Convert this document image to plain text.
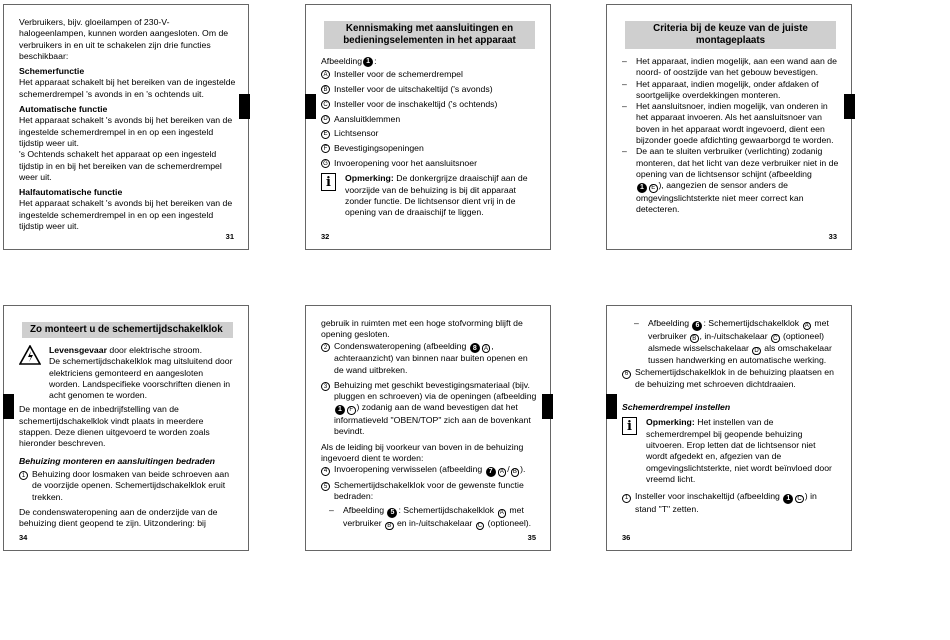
Verbruikers, bijv. gloeilampen of 230-V-halogeenlampen, kunnen worden aangesloten. Om de verbruikers in en uit te schakelen zijn drie functies beschikbaar:

Schemerfunctie

Het apparaat schakelt bij het bereiken van de ingestelde schemerdrempel 's avonds in en 's ochtends uit.

Automatische functie

Het apparaat schakelt 's avonds bij het bereiken van de ingestelde schemerdrempel in en op een ingesteld tijdstip weer uit.

's Ochtends schakelt het apparaat op een ingesteld tijdstip in en bij het bereiken van de schemerdrempel weer uit.

Halfautomatische functie

Het apparaat schakelt 's avonds bij het bereiken van de ingestelde schemerdrempel in en op een ingesteld tijdstip weer uit.

31
Kennismaking met aansluitingen en bedieningselementen in het apparaat
Afbeelding 1 :
A Insteller voor de schemerdrempel
B Insteller voor de uitschakeltijd ('s avonds)
C Insteller voor de inschakeltijd ('s ochtends)
D Aansluitklemmen
E Lichtsensor
F Bevestigingsopeningen
G Invoeropening voor het aansluitsnoer
i	Opmerking: De donkergrijze draaischijf aan de voorzijde van de behuizing is bij dit apparaat zonder functie. De lichtsensor dient vrij in de opening van de draaischijf te liggen.
32
Criteria bij de keuze van de juiste montageplaats
–	Het apparaat, indien mogelijk, aan een wand aan de noord- of oostzijde van het gebouw bevestigen.
–	Het apparaat, indien mogelijk, onder afdaken of soortgelijke overdekkingen monteren.
–	Het aansluitsnoer, indien mogelijk, van onderen in het apparaat invoeren. Als het aansluitsnoer van boven in het apparaat wordt ingevoerd, dient een bijzonder goede afdichting gewaarborgd te worden.
–	De aan te sluiten verbruiker (verlichting) zodanig monteren, dat het licht van deze verbruiker niet in de opening van de lichtsensor schijnt (afbeelding
1 E ), aangezien de sensor anders de omgevingslichtsterkte niet meer correct kan detecteren.
33
Zo monteert u de schemertijdschakelklok
Levensgevaar door elektrische stroom.
De schemertijdschakelklok mag uitsluitend door elektriciens gemonteerd en aangesloten worden. Landspecifieke voorschriften dienen in acht genomen te worden.

De montage en de inbedrijfstelling van de schemertijdschakelklok vindt plaats in meerdere stappen. Deze dienen uitgevoerd te worden zoals hieronder beschreven.

Behuizing monteren en aansluitingen bedraden

1 Behuizing door losmaken van beide schroeven aan de voorzijde openen. Schemertijdschakelklok eruit trekken.

De condenswateropening aan de onderzijde van de behuizing dient geopend te zijn. Uitzondering: bij

34

gebruik in ruimten met een hoge stofvorming blijft de opening gesloten.

2 Condenswateropening (afbeelding 8 A , achteraanzicht) van binnen naar buiten openen en de wand uitbreken.
3 Behuizing met geschikt bevestigingsmateriaal (bijv. pluggen en schroeven) via de openingen (afbeelding
1 F ) zodanig aan de wand bevestigen dat het informatieveld "OBEN/TOP" zich aan de bovenkant bevindt.

Als de leiding bij voorkeur van boven in de behuizing ingevoerd dient te worden:

4 Invoeropening verwisselen (afbeelding 7 A / B ).
5 Schemertijdschakelklok voor de gewenste functie bedraden:
–	Afbeelding 5 : Schemertijdschakelklok A met verbruiker B en in-/uitschakelaar C (optioneel).
35
–	Afbeelding 6 : Schemertijdschakelklok A met verbruiker B , in-/uitschakelaar C (optioneel) alsmede wisselschakelaar D als omschakelaar tussen handwerking en automatische werking.
6 Schemertijdschakelklok in de behuizing plaatsen en de behuizing met schroeven dichtdraaien.

Schemerdrempel instellen

i	Opmerking: Het instellen van de schemerdrempel bij geopende behuizing uitvoeren. Erop letten dat de lichtsensor niet wordt afgedekt en, afgezien van de omgevingslichtsterkte, niet wordt beïnvloed door vreemd licht.
1 Insteller voor inschakeltijd (afbeelding 1 C ) in stand "T" zetten.
36
